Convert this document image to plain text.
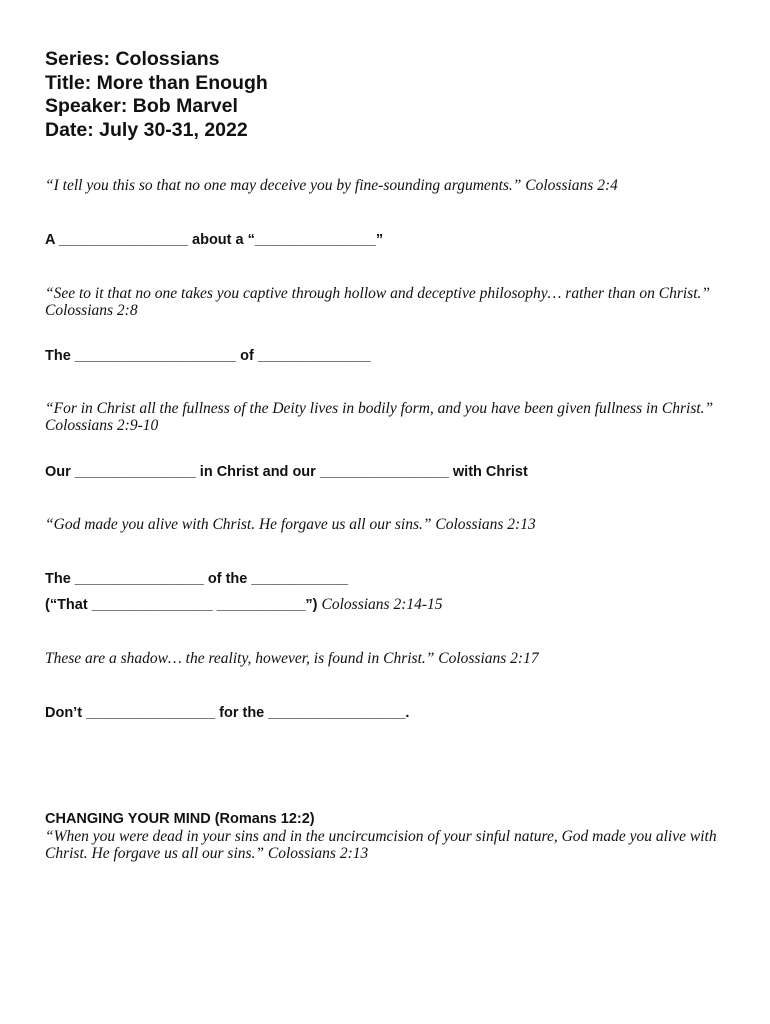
Series: Colossians
Title: More than Enough
Speaker: Bob Marvel
Date: July 30-31, 2022
“I tell you this so that no one may deceive you by fine-sounding arguments.” Colossians 2:4
A ________________ about a “_______________”
“See to it that no one takes you captive through hollow and deceptive philosophy… rather than on Christ.” Colossians 2:8
The ____________________ of ______________
“For in Christ all the fullness of the Deity lives in bodily form, and you have been given fullness in Christ.” Colossians 2:9-10
Our _______________ in Christ and our ________________ with Christ
“God made you alive with Christ. He forgave us all our sins.” Colossians 2:13
The ________________ of the ____________
(“That _______________ ___________”) Colossians 2:14-15
These are a shadow… the reality, however, is found in Christ.” Colossians 2:17
Don’t ________________ for the _________________.
CHANGING YOUR MIND (Romans 12:2)
“When you were dead in your sins and in the uncircumcision of your sinful nature, God made you alive with Christ. He forgave us all our sins.” Colossians 2:13
